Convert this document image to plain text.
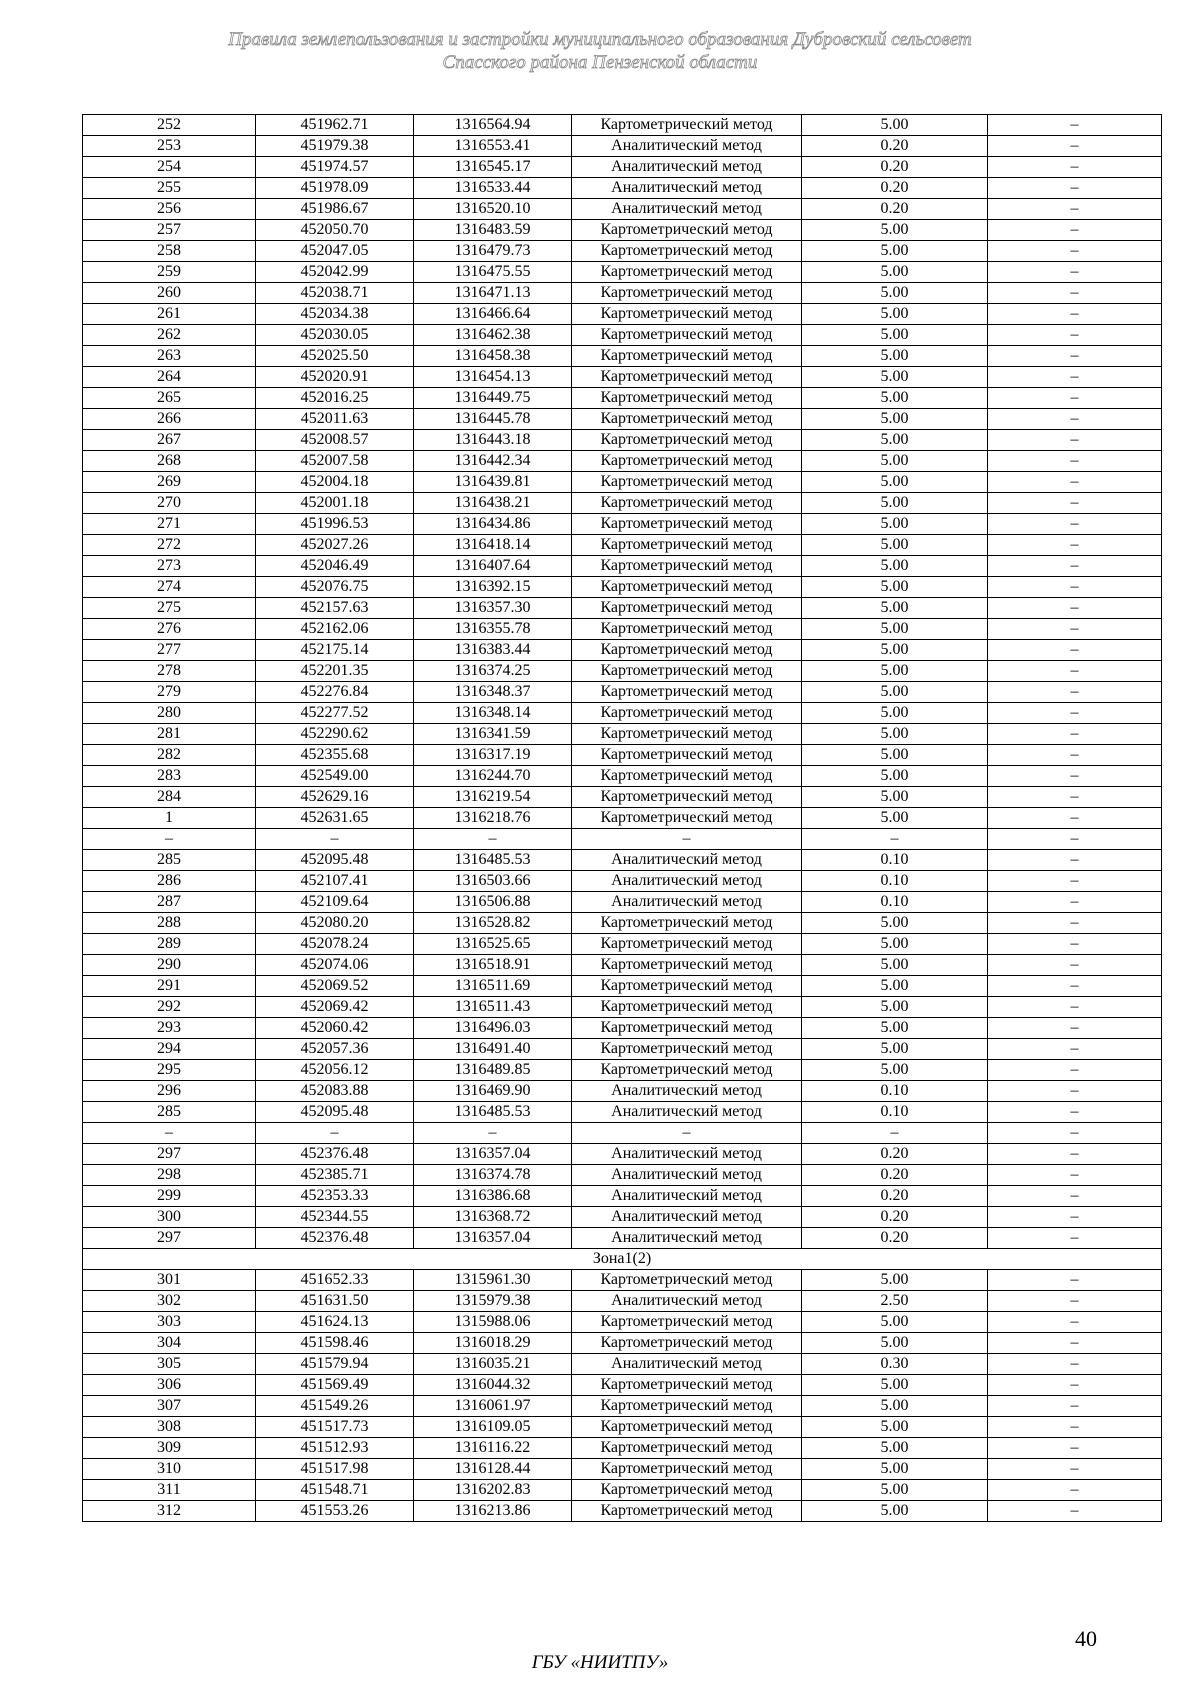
Правила землепользования и застройки муниципального образования Дубровский сельсовет
Спасского района Пензенской области
252	451962.71	1316564.94	Картометрический метод	5.00	–
253	451979.38	1316553.41	Аналитический метод	0.20	–
254	451974.57	1316545.17	Аналитический метод	0.20	–
255	451978.09	1316533.44	Аналитический метод	0.20	–
256	451986.67	1316520.10	Аналитический метод	0.20	–
257	452050.70	1316483.59	Картометрический метод	5.00	–
258	452047.05	1316479.73	Картометрический метод	5.00	–
259	452042.99	1316475.55	Картометрический метод	5.00	–
260	452038.71	1316471.13	Картометрический метод	5.00	–
261	452034.38	1316466.64	Картометрический метод	5.00	–
262	452030.05	1316462.38	Картометрический метод	5.00	–
263	452025.50	1316458.38	Картометрический метод	5.00	–
264	452020.91	1316454.13	Картометрический метод	5.00	–
265	452016.25	1316449.75	Картометрический метод	5.00	–
266	452011.63	1316445.78	Картометрический метод	5.00	–
267	452008.57	1316443.18	Картометрический метод	5.00	–
268	452007.58	1316442.34	Картометрический метод	5.00	–
269	452004.18	1316439.81	Картометрический метод	5.00	–
270	452001.18	1316438.21	Картометрический метод	5.00	–
271	451996.53	1316434.86	Картометрический метод	5.00	–
272	452027.26	1316418.14	Картометрический метод	5.00	–
273	452046.49	1316407.64	Картометрический метод	5.00	–
274	452076.75	1316392.15	Картометрический метод	5.00	–
275	452157.63	1316357.30	Картометрический метод	5.00	–
276	452162.06	1316355.78	Картометрический метод	5.00	–
277	452175.14	1316383.44	Картометрический метод	5.00	–
278	452201.35	1316374.25	Картометрический метод	5.00	–
279	452276.84	1316348.37	Картометрический метод	5.00	–
280	452277.52	1316348.14	Картометрический метод	5.00	–
281	452290.62	1316341.59	Картометрический метод	5.00	–
282	452355.68	1316317.19	Картометрический метод	5.00	–
283	452549.00	1316244.70	Картометрический метод	5.00	–
284	452629.16	1316219.54	Картометрический метод	5.00	–
1	452631.65	1316218.76	Картометрический метод	5.00	–
–	–	–	–	–	–
285	452095.48	1316485.53	Аналитический метод	0.10	–
286	452107.41	1316503.66	Аналитический метод	0.10	–
287	452109.64	1316506.88	Аналитический метод	0.10	–
288	452080.20	1316528.82	Картометрический метод	5.00	–
289	452078.24	1316525.65	Картометрический метод	5.00	–
290	452074.06	1316518.91	Картометрический метод	5.00	–
291	452069.52	1316511.69	Картометрический метод	5.00	–
292	452069.42	1316511.43	Картометрический метод	5.00	–
293	452060.42	1316496.03	Картометрический метод	5.00	–
294	452057.36	1316491.40	Картометрический метод	5.00	–
295	452056.12	1316489.85	Картометрический метод	5.00	–
296	452083.88	1316469.90	Аналитический метод	0.10	–
285	452095.48	1316485.53	Аналитический метод	0.10	–
–	–	–	–	–	–
297	452376.48	1316357.04	Аналитический метод	0.20	–
298	452385.71	1316374.78	Аналитический метод	0.20	–
299	452353.33	1316386.68	Аналитический метод	0.20	–
300	452344.55	1316368.72	Аналитический метод	0.20	–
297	452376.48	1316357.04	Аналитический метод	0.20	–
Зона1(2)					
301	451652.33	1315961.30	Картометрический метод	5.00	–
302	451631.50	1315979.38	Аналитический метод	2.50	–
303	451624.13	1315988.06	Картометрический метод	5.00	–
304	451598.46	1316018.29	Картометрический метод	5.00	–
305	451579.94	1316035.21	Аналитический метод	0.30	–
306	451569.49	1316044.32	Картометрический метод	5.00	–
307	451549.26	1316061.97	Картометрический метод	5.00	–
308	451517.73	1316109.05	Картометрический метод	5.00	–
309	451512.93	1316116.22	Картометрический метод	5.00	–
310	451517.98	1316128.44	Картометрический метод	5.00	–
311	451548.71	1316202.83	Картометрический метод	5.00	–
312	451553.26	1316213.86	Картометрический метод	5.00	–
40
ГБУ «НИИТПУ»
